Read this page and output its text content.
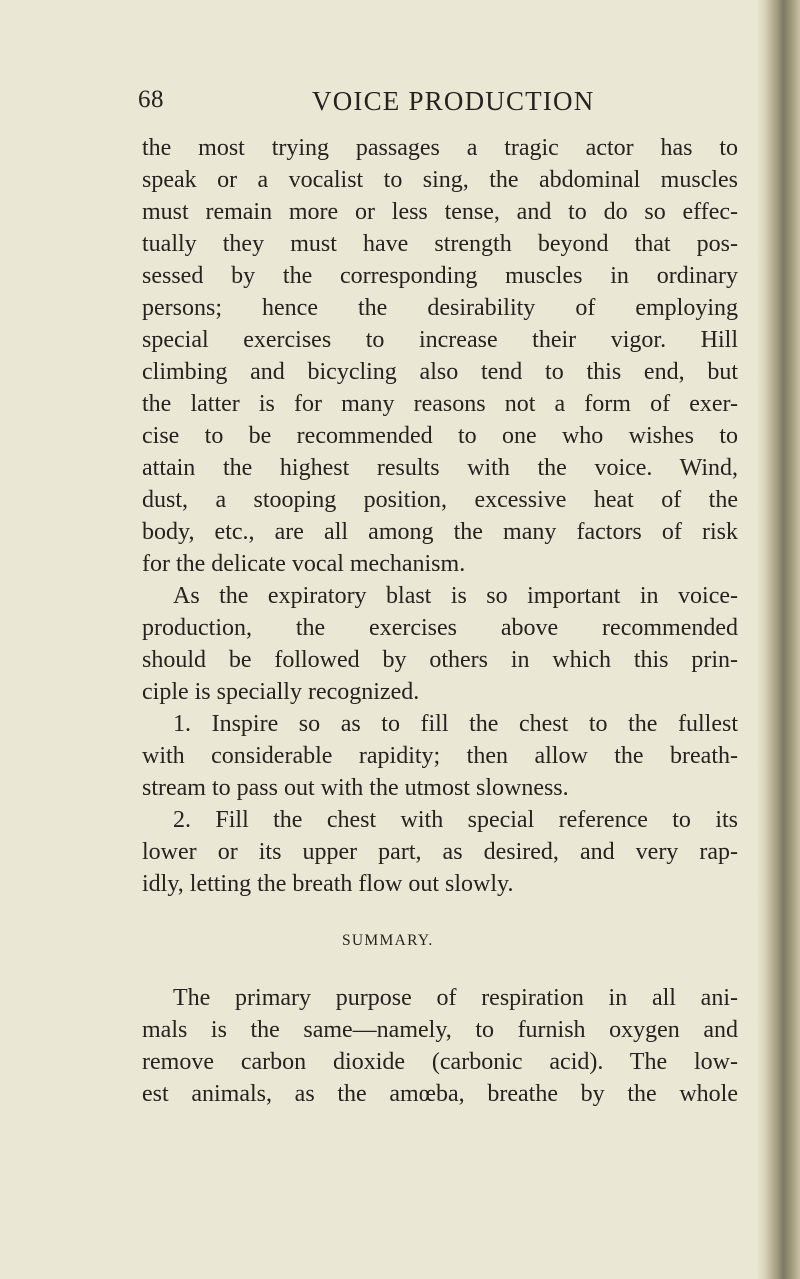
68	VOICE PRODUCTION
the most trying passages a tragic actor has to
speak or a vocalist to sing, the abdominal muscles
must remain more or less tense, and to do so effec-
tually they must have strength beyond that pos-
sessed by the corresponding muscles in ordinary
persons; hence the desirability of employing
special exercises to increase their vigor. Hill
climbing and bicycling also tend to this end, but
the latter is for many reasons not a form of exer-
cise to be recommended to one who wishes to
attain the highest results with the voice. Wind,
dust, a stooping position, excessive heat of the
body, etc., are all among the many factors of risk
for the delicate vocal mechanism.
As the expiratory blast is so important in voice-
production, the exercises above recommended
should be followed by others in which this prin-
ciple is specially recognized.
1. Inspire so as to fill the chest to the fullest
with considerable rapidity; then allow the breath-
stream to pass out with the utmost slowness.
2. Fill the chest with special reference to its
lower or its upper part, as desired, and very rap-
idly, letting the breath flow out slowly.
SUMMARY.
The primary purpose of respiration in all ani-
mals is the same—namely, to furnish oxygen and
remove carbon dioxide (carbonic acid). The low-
est animals, as the amœba, breathe by the whole
